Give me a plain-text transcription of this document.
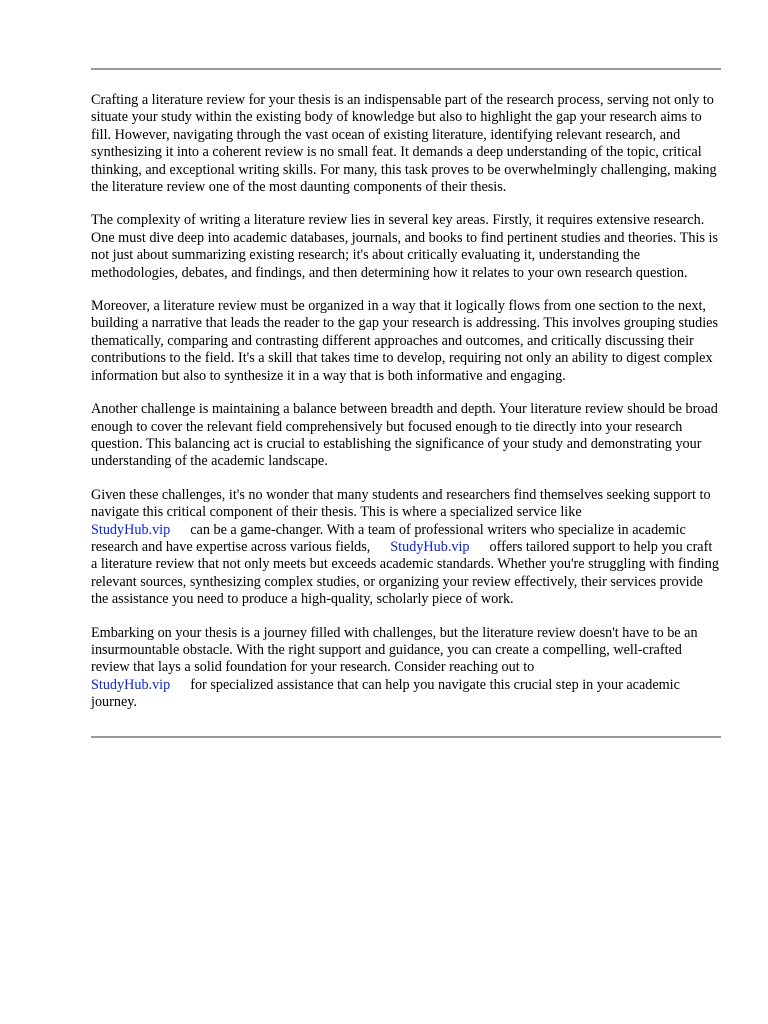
Crafting a literature review for your thesis is an indispensable part of the research process, serving not only to situate your study within the existing body of knowledge but also to highlight the gap your research aims to fill. However, navigating through the vast ocean of existing literature, identifying relevant research, and synthesizing it into a coherent review is no small feat. It demands a deep understanding of the topic, critical thinking, and exceptional writing skills. For many, this task proves to be overwhelmingly challenging, making the literature review one of the most daunting components of their thesis.

The complexity of writing a literature review lies in several key areas. Firstly, it requires extensive research. One must dive deep into academic databases, journals, and books to find pertinent studies and theories. This is not just about summarizing existing research; it's about critically evaluating it, understanding the methodologies, debates, and findings, and then determining how it relates to your own research question.

Moreover, a literature review must be organized in a way that it logically flows from one section to the next, building a narrative that leads the reader to the gap your research is addressing. This involves grouping studies thematically, comparing and contrasting different approaches and outcomes, and critically discussing their contributions to the field. It's a skill that takes time to develop, requiring not only an ability to digest complex information but also to synthesize it in a way that is both informative and engaging.

Another challenge is maintaining a balance between breadth and depth. Your literature review should be broad enough to cover the relevant field comprehensively but focused enough to tie directly into your research question. This balancing act is crucial to establishing the significance of your study and demonstrating your understanding of the academic landscape.

Given these challenges, it's no wonder that many students and researchers find themselves seeking support to navigate this critical component of their thesis. This is where a specialized service like
StudyHub.vip can be a game-changer. With a team of professional writers who specialize in academic research and have expertise across various fields, StudyHub.vip offers tailored support to help you craft a literature review that not only meets but exceeds academic standards. Whether you're struggling with finding relevant sources, synthesizing complex studies, or organizing your review effectively, their services provide the assistance you need to produce a high-quality, scholarly piece of work.

Embarking on your thesis is a journey filled with challenges, but the literature review doesn't have to be an insurmountable obstacle. With the right support and guidance, you can create a compelling, well-crafted review that lays a solid foundation for your research. Consider reaching out to
StudyHub.vip for specialized assistance that can help you navigate this crucial step in your academic journey.
